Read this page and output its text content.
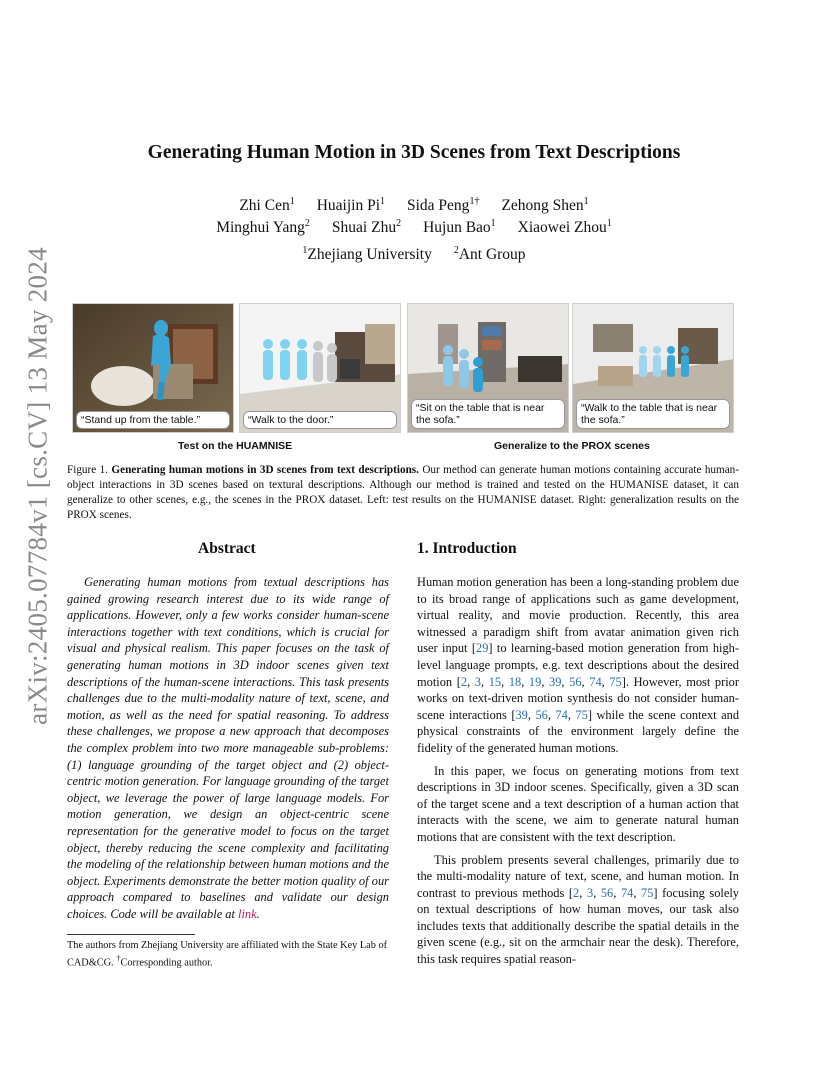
arXiv:2405.07784v1 [cs.CV] 13 May 2024
Generating Human Motion in 3D Scenes from Text Descriptions
Zhi Cen$^1$ Huaijin Pi$^1$ Sida Peng$^{1\dagger}$ Zehong Shen$^1$
Minghui Yang$^2$ Shuai Zhu$^2$ Hujun Bao$^1$ Xiaowei Zhou$^1$
$^1$Zhejiang University $^2$Ant Group
“Stand up from the table.”	“Walk to the door.”
“Sit on the table that is near the sofa.”
“Walk to the table that is near the sofa.”
Test on the HUAMNISE	Generalize to the PROX scenes
Figure 1. Generating human motions in 3D scenes from text descriptions. Our method can generate human motions containing accurate human-object interactions in 3D scenes based on textural descriptions. Although our method is trained and tested on the HUMANISE dataset, it can generalize to other scenes, e.g., the scenes in the PROX dataset. Left: test results on the HUMANISE dataset. Right: generalization results on the PROX scenes.
Abstract

Generating human motions from textual descriptions has gained growing research interest due to its wide range of applications. However, only a few works consider human-scene interactions together with text conditions, which is crucial for visual and physical realism. This paper focuses on the task of generating human motions in 3D indoor scenes given text descriptions of the human-scene interactions. This task presents challenges due to the multi-modality nature of text, scene, and motion, as well as the need for spatial reasoning. To address these challenges, we propose a new approach that decomposes the complex problem into two more manageable sub-problems: (1) language grounding of the target object and (2) object-centric motion generation. For language grounding of the target object, we leverage the power of large language models. For motion generation, we design an object-centric scene representation for the generative model to focus on the target object, thereby reducing the scene complexity and facilitating the modeling of the relationship between human motions and the object. Experiments demonstrate the better motion quality of our approach compared to baselines and validate our design choices. Code will be available at link.

The authors from Zhejiang University are affiliated with the State Key Lab of CAD&CG. †Corresponding author.
1. Introduction

Human motion generation has been a long-standing problem due to its broad range of applications such as game development, virtual reality, and movie production. Recently, this area witnessed a paradigm shift from avatar animation given rich user input [29] to learning-based motion generation from high-level language prompts, e.g. text descriptions about the desired motion [2, 3, 15, 18, 19, 39, 56, 74, 75]. However, most prior works on text-driven motion synthesis do not consider human-scene interactions [39, 56, 74, 75] while the scene context and physical constraints of the environment largely define the fidelity of the generated human motions.

In this paper, we focus on generating motions from text descriptions in 3D indoor scenes. Specifically, given a 3D scan of the target scene and a text description of a human action that interacts with the scene, we aim to generate natural human motions that are consistent with the text description.

This problem presents several challenges, primarily due to the multi-modality nature of text, scene, and human motion. In contrast to previous methods [2, 3, 56, 74, 75] focusing solely on textual descriptions of how human moves, our task also includes texts that additionally describe the spatial details in the given scene (e.g., sit on the armchair near the desk). Therefore, this task requires spatial reason-
